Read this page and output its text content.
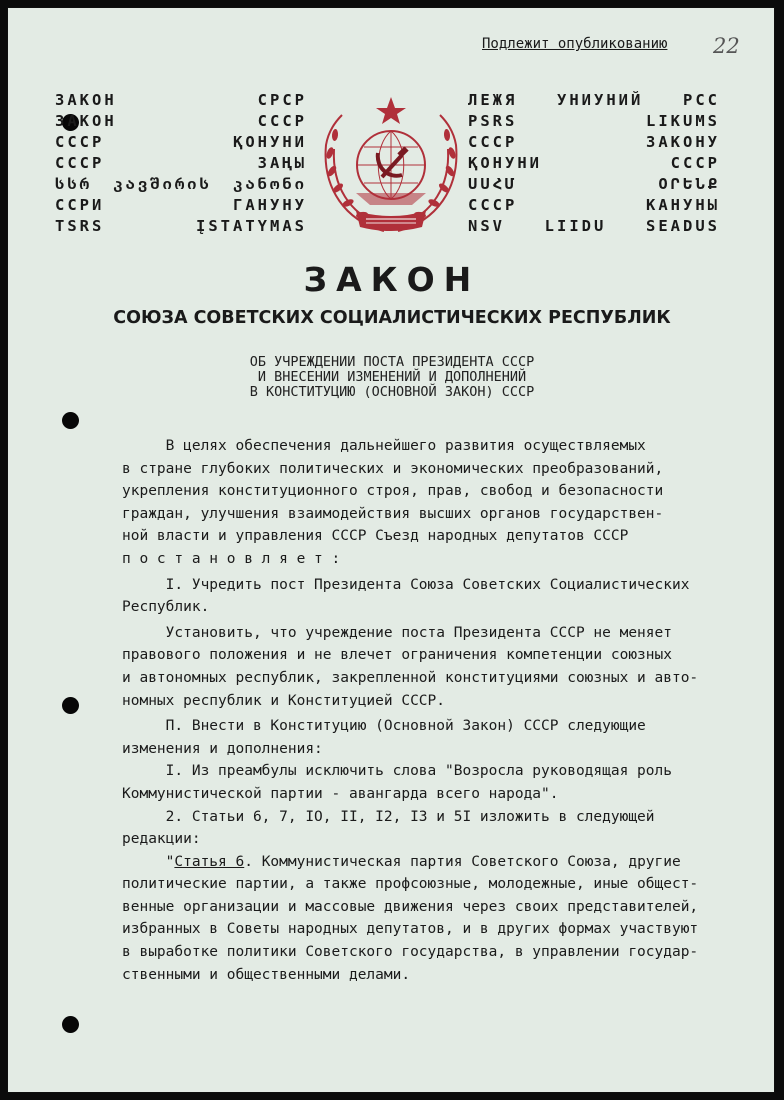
Подлежит опубликованию 22
ЗАКОН СРСР
ЗАКОН СССР
СССР ҚОНУНИ
СССР ЗАҢЫ
სსრ კავშირის კანონი
ССРИ ГАНУНУ
TSRS ĮSTATYMAS
ЛЕЖЯ УНИУНИЙ РСС
PSRS LIKUMS
СССР ЗАКОНУ
ҚОНУНИ СССР
ՍՍՀՄ ՕՐԵՆՔ
СССР КАНУНЫ
NSV LIIDU SEADUS
ЗАКОН
СОЮЗА СОВЕТСКИХ СОЦИАЛИСТИЧЕСКИХ РЕСПУБЛИК
ОБ УЧРЕЖДЕНИИ ПОСТА ПРЕЗИДЕНТА СССР
И ВНЕСЕНИИ ИЗМЕНЕНИЙ И ДОПОЛНЕНИЙ
В КОНСТИТУЦИЮ (ОСНОВНОЙ ЗАКОН) СССР
В целях обеспечения дальнейшего развития осуществляемых
в стране глубоких политических и экономических преобразований,
укрепления конституционного строя, прав, свобод и безопасности
граждан, улучшения взаимодействия высших органов государствен-
ной власти и управления СССР Съезд народных депутатов СССР
п о с т а н о в л я е т :
I. Учредить пост Президента Союза Советских Социалистических
Республик.
Установить, что учреждение поста Президента СССР не меняет
правового положения и не влечет ограничения компетенции союзных
и автономных республик, закрепленной конституциями союзных и авто-
номных республик и Конституцией СССР.
П. Внести в Конституцию (Основной Закон) СССР следующие
изменения и дополнения:
I. Из преамбулы исключить слова "Возросла руководящая роль
Коммунистической партии - авангарда всего народа".
2. Статьи 6, 7, IO, II, I2, I3 и 5I изложить в следующей
редакции:
"Статья 6. Коммунистическая партия Советского Союза, другие
политические партии, а также профсоюзные, молодежные, иные общест-
венные организации и массовые движения через своих представителей,
избранных в Советы народных депутатов, и в других формах участвуют
в выработке политики Советского государства, в управлении государ-
ственными и общественными делами.
